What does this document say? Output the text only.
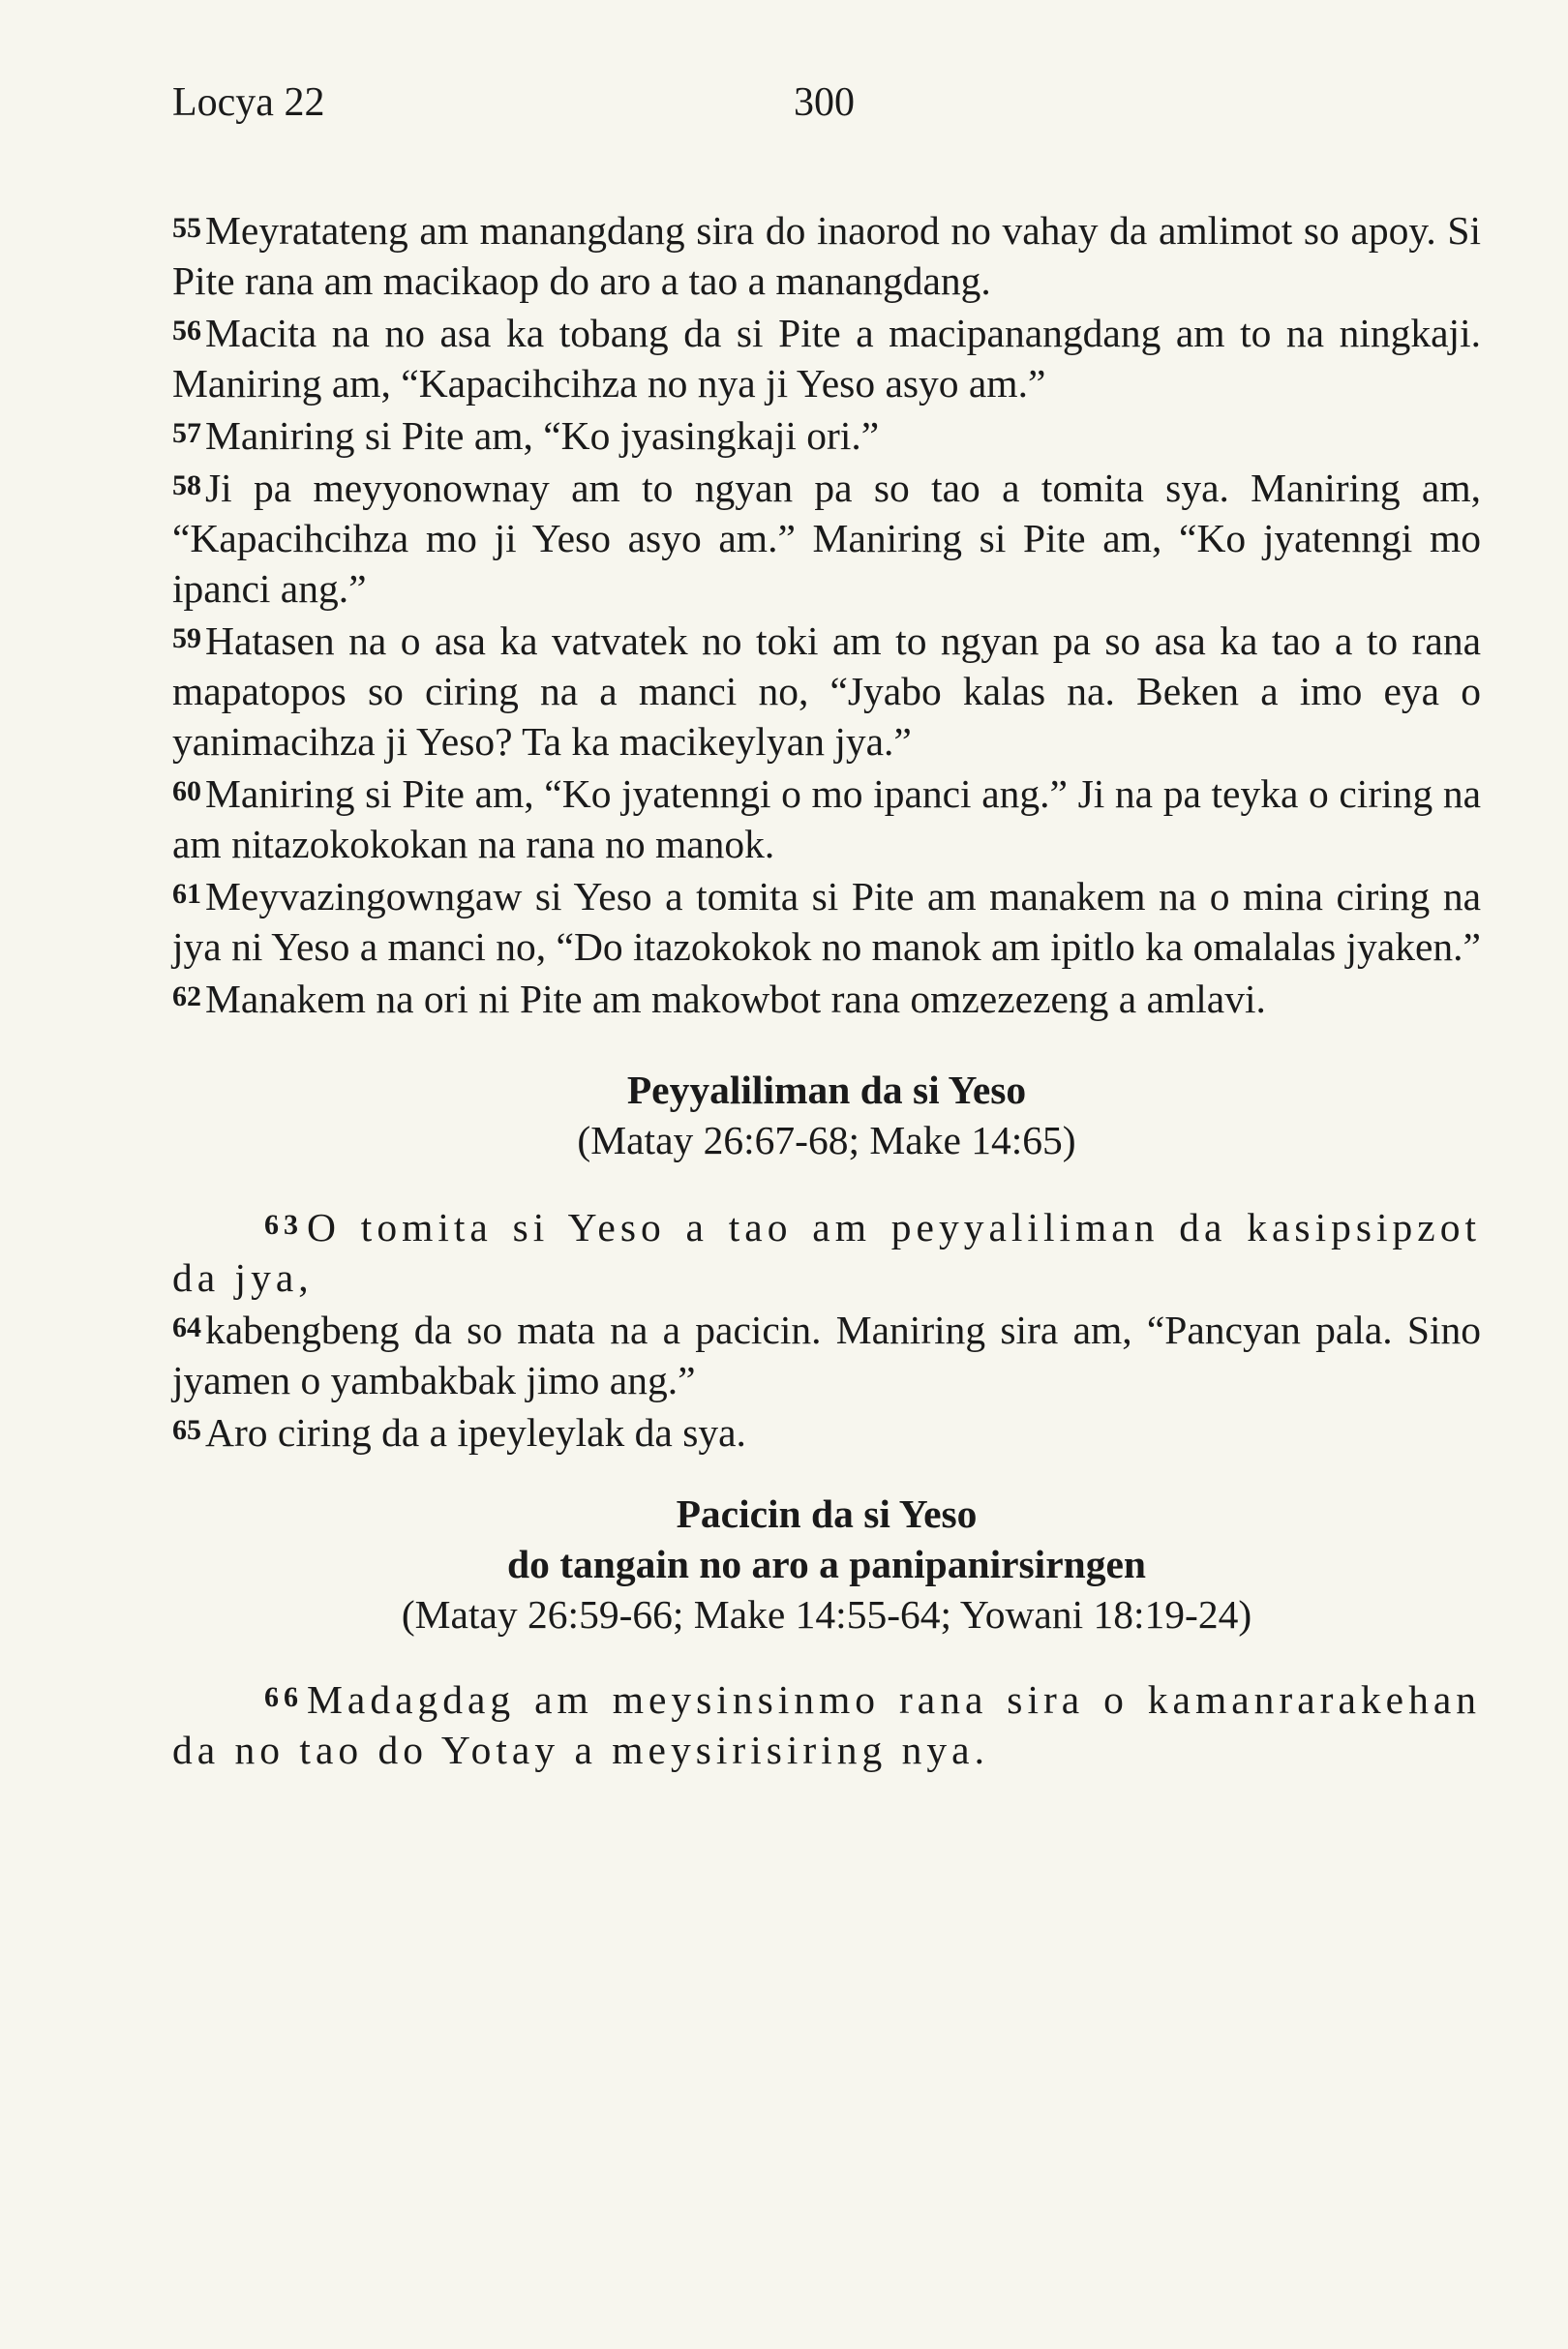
Locya 22	300

55Meyratateng am manangdang sira do inaorod no vahay da amlimot so apoy. Si Pite rana am macikaop do aro a tao a manangdang.

56Macita na no asa ka tobang da si Pite a macipanangdang am to na ningkaji. Maniring am, “Kapacihcihza no nya ji Yeso asyo am.”

57Maniring si Pite am, “Ko jyasingkaji ori.”

58Ji pa meyyonownay am to ngyan pa so tao a tomita sya. Maniring am, “Kapacihcihza mo ji Yeso asyo am.” Maniring si Pite am, “Ko jyatenngi mo ipanci ang.”

59Hatasen na o asa ka vatvatek no toki am to ngyan pa so asa ka tao a to rana mapatopos so ciring na a manci no, “Jyabo kalas na. Beken a imo eya o yanimacihza ji Yeso? Ta ka macikeylyan jya.”

60Maniring si Pite am, “Ko jyatenngi o mo ipanci ang.” Ji na pa teyka o ciring na am nitazokokokan na rana no manok.

61Meyvazingowngaw si Yeso a tomita si Pite am manakem na o mina ciring na jya ni Yeso a manci no, “Do itazokokok no manok am ipitlo ka omalalas jyaken.”

62Manakem na ori ni Pite am makowbot rana omzezezeng a amlavi.

Peyyaliliman da si Yeso

(Matay 26:67-68; Make 14:65)

63O tomita si Yeso a tao am peyyaliliman da kasipsipzot da jya,

64kabengbeng da so mata na a pacicin. Maniring sira am, “Pancyan pala. Sino jyamen o yambakbak jimo ang.”

65Aro ciring da a ipeyleylak da sya.

Pacicin da si Yeso

do tangain no aro a panipanirsirngen

(Matay 26:59-66; Make 14:55-64; Yowani 18:19-24)

66Madagdag am meysinsinmo rana sira o kamanrarakehan da no tao do Yotay a meysirisiring nya.
